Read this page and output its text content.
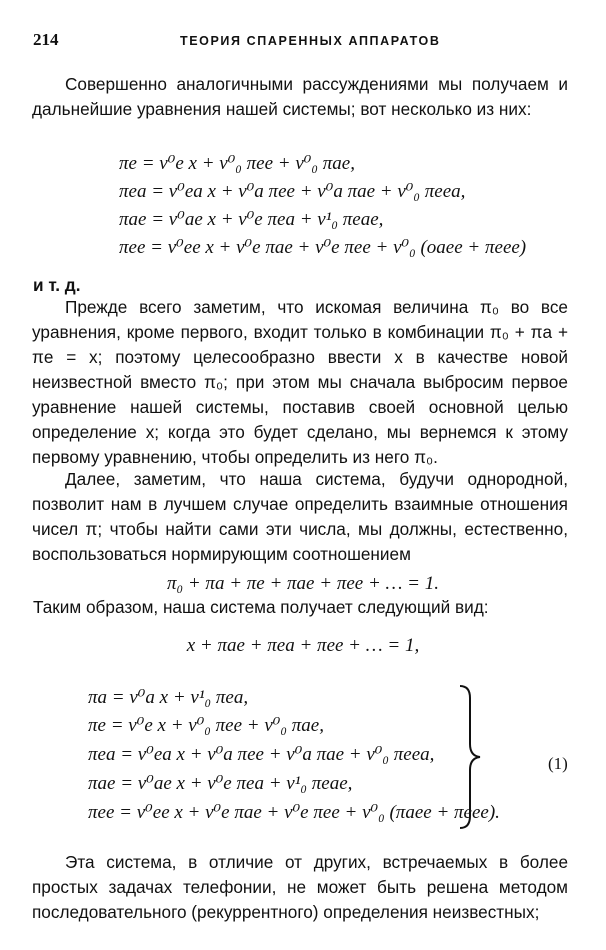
214	ТЕОРИЯ СПАРЕННЫХ АППАРАТОВ
Совершенно аналогичными рассуждениями мы получаем и дальнейшие уравнения нашей системы; вот несколько из них:
πe = v⁰e x + v⁰₀ πee + v⁰₀ πae,
πea = v⁰ea x + v⁰a πee + v⁰a πae + v⁰₀ πeea,
πae = v⁰ae x + v⁰e πea + v¹₀ πeae,
πee = v⁰ee x + v⁰e πae + v⁰e πee + v⁰₀ (oaee + πeee)
и т. д.
Прежде всего заметим, что искомая величина π₀ во все уравнения, кроме первого, входит только в комбинации π₀ + πa + πe = x; поэтому целесообразно ввести x в качестве новой неизвестной вместо π₀; при этом мы сначала выбросим первое уравнение нашей системы, поставив своей основной целью определение x; когда это будет сделано, мы вернемся к этому первому уравнению, чтобы определить из него π₀.
Далее, заметим, что наша система, будучи однородной, позволит нам в лучшем случае определить взаимные отношения чисел π; чтобы найти сами эти числа, мы должны, естественно, воспользоваться нормирующим соотношением
π₀ + πa + πe + πae + πee + … = 1.
Таким образом, наша система получает следующий вид:
x + πae + πea + πee + … = 1,
πa = v⁰a x + v¹₀ πea,
πe = v⁰e x + v⁰₀ πee + v⁰₀ πae,
πea = v⁰ea x + v⁰a πee + v⁰a πae + v⁰₀ πeea,
πae = v⁰ae x + v⁰e πea + v¹₀ πeae,
πee = v⁰ee x + v⁰e πae + v⁰e πee + v⁰₀ (πaee + πeee).
(1)
Эта система, в отличие от других, встречаемых в более простых задачах телефонии, не может быть решена методом последовательного (рекуррентного) определения неизвестных;
